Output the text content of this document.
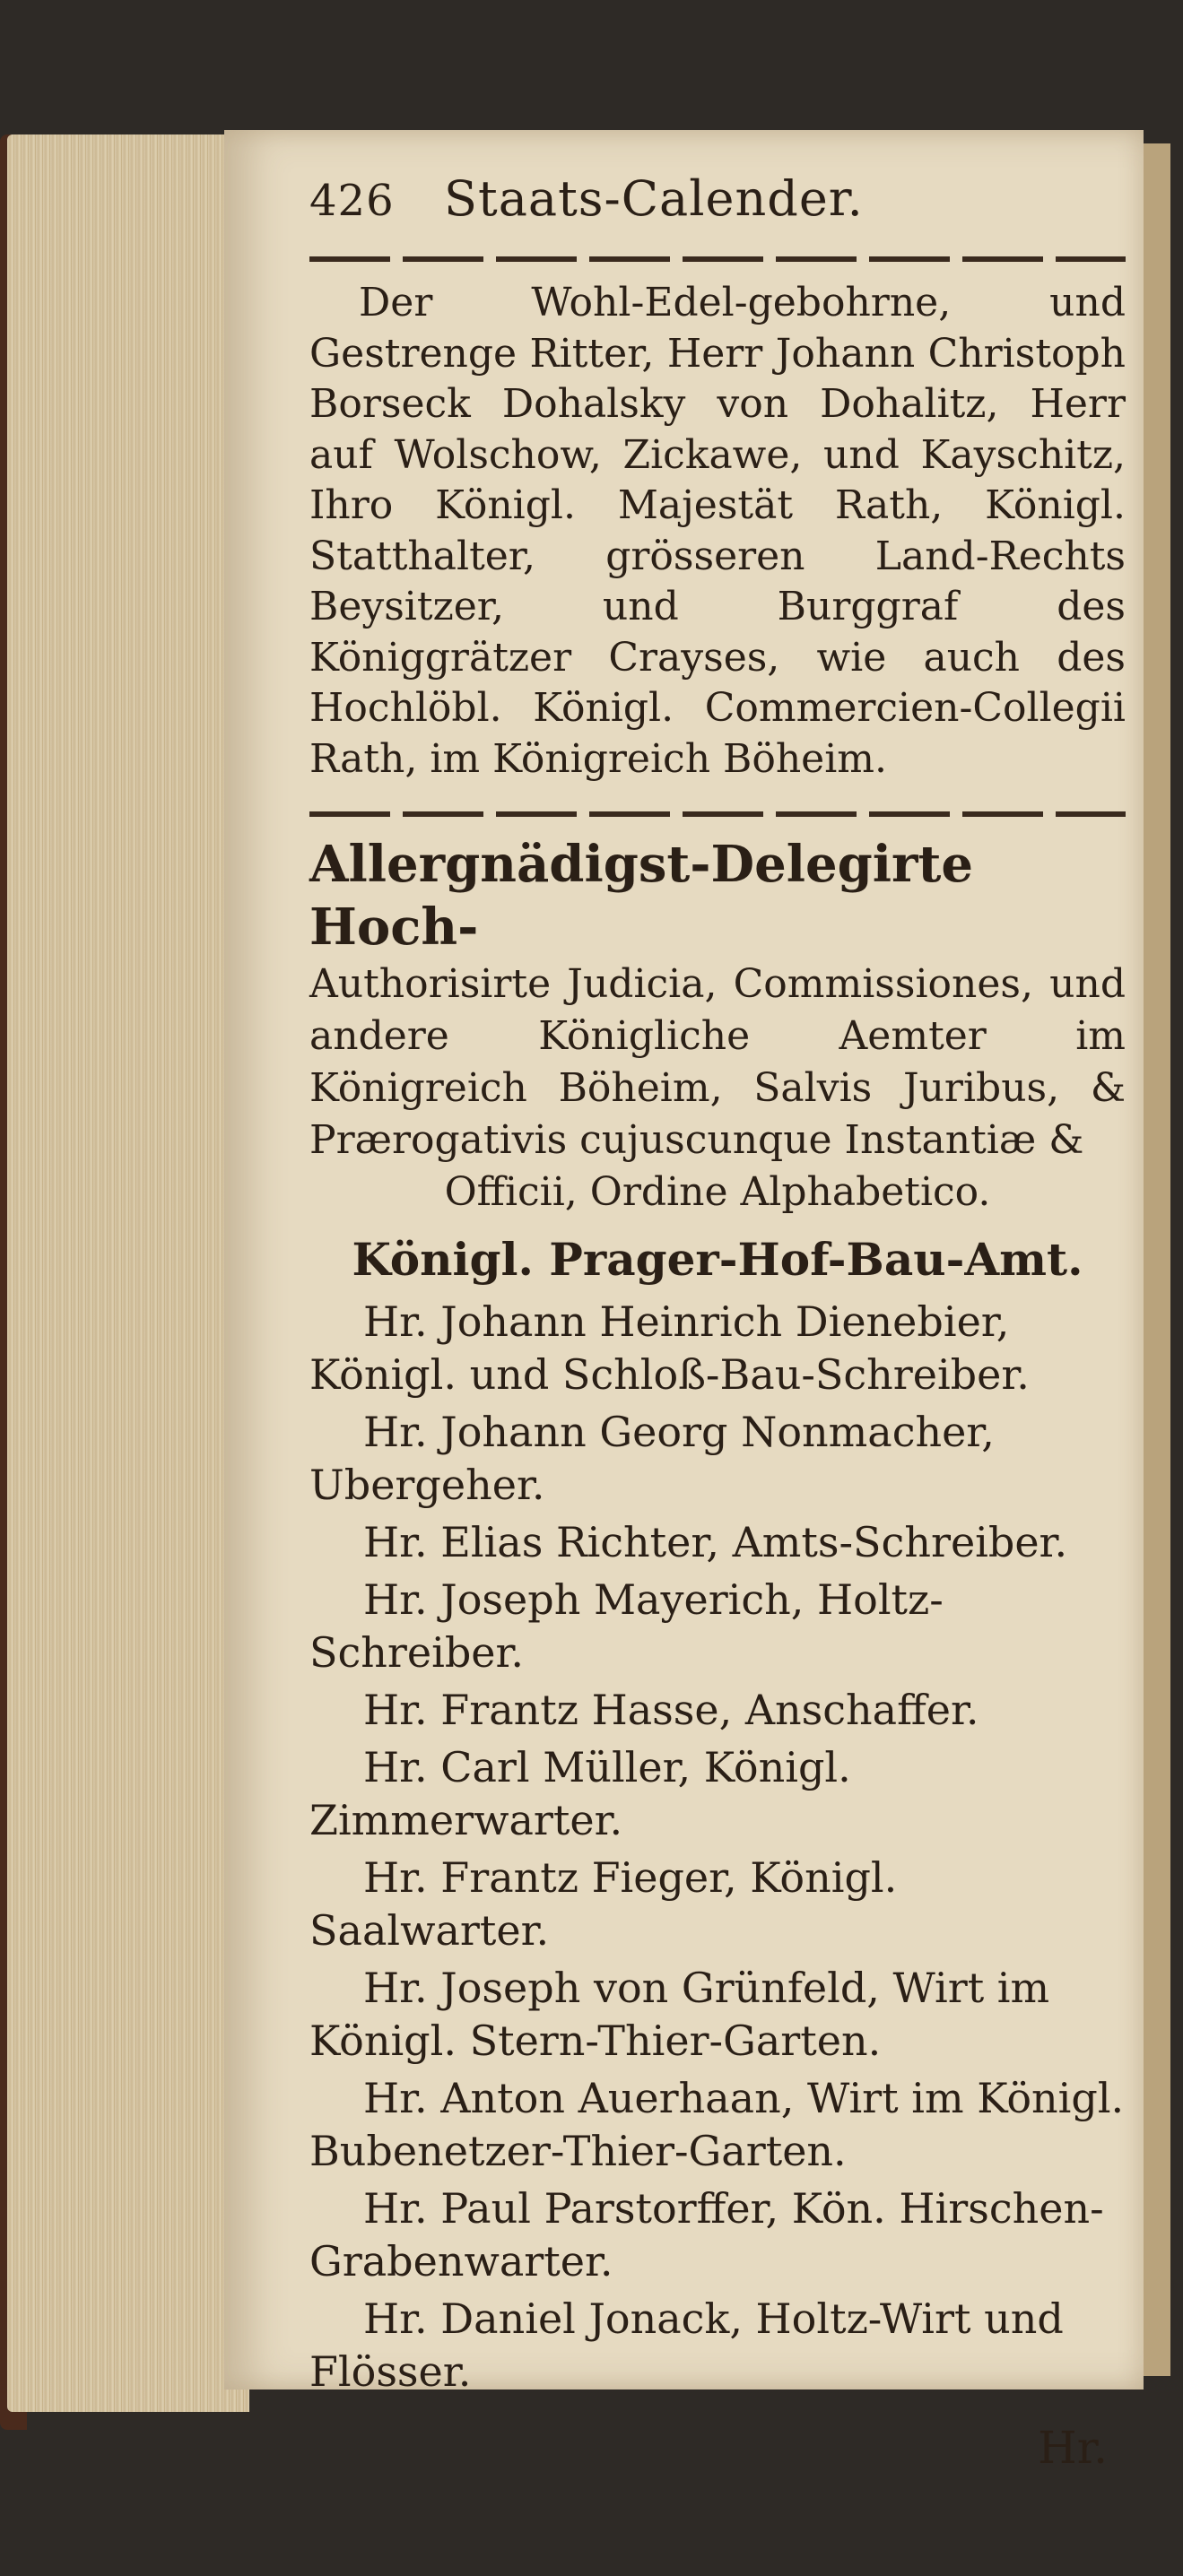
426	Staats-Calender.

Der Wohl-Edel-gebohrne, und Gestrenge Ritter, Herr Johann Christoph Borseck Dohalsky von Dohalitz, Herr auf Wolschow, Zickawe, und Kayschitz, Ihro Königl. Majestät Rath, Königl. Statthalter, grösseren Land-Rechts Beysitzer, und Burggraf des Königgrätzer Crayses, wie auch des Hochlöbl. Königl. Commercien-Collegii Rath, im Königreich Böheim.

Allergnädigst-Delegirte Hoch-

Authorisirte Judicia, Commissiones, und andere Königliche Aemter im Königreich Böheim, Salvis Juribus, & Prærogativis cujuscunque Instantiæ &

Officii, Ordine Alphabetico.

Königl. Prager-Hof-Bau-Amt.

Hr. Johann Heinrich Dienebier, Königl. und Schloß-Bau-Schreiber.

Hr. Johann Georg Nonmacher, Ubergeher.

Hr. Elias Richter, Amts-Schreiber.

Hr. Joseph Mayerich, Holtz-Schreiber.

Hr. Frantz Hasse, Anschaffer.

Hr. Carl Müller, Königl. Zimmerwarter.

Hr. Frantz Fieger, Königl. Saalwarter.

Hr. Joseph von Grünfeld, Wirt im Königl. Stern-Thier-Garten.

Hr. Anton Auerhaan, Wirt im Königl. Bubenetzer-Thier-Garten.

Hr. Paul Parstorffer, Kön. Hirschen-Grabenwarter.

Hr. Daniel Jonack, Holtz-Wirt und Flösser.

Hr.
